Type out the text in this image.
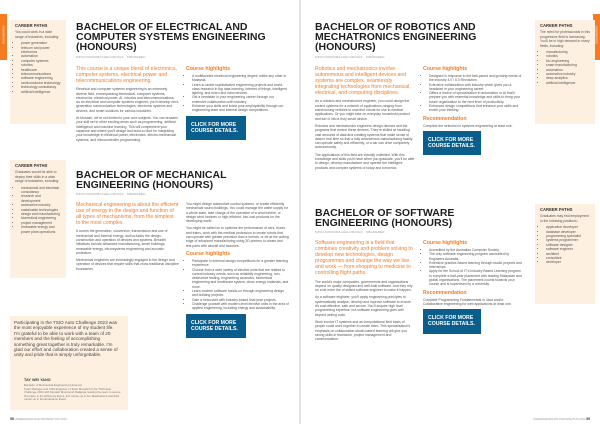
ENGINEERING CAREER PATHS
You could work in a wide range of industries, including:
• power generation
• telecom and power electronics
• automation
• computer systems
• robotics
• healthcare
• telecommunications
• software engineering
• semiconductor technology
• technology consultancy
• artificial intelligence
BACHELOR OF ELECTRICAL AND COMPUTER SYSTEMS ENGINEERING (HONOURS)
MPU/UNSW3/BACHELOR/2022 · MBANERED

This course is a unique blend of electronics, computer systems, electrical power and telecommunications engineering.

Electrical and computer systems engineering is an extremely diverse field, encompassing biomedical, computer systems, electronics, electrical power, AI, robotics and telecommunications. As an electrical and computer systems engineer, you'll develop next-generation communication technologies, electronic systems and devices, and smart solutions for various industries.

At Monash, we're not limited to your core subjects. You can broaden your skill set in other exciting areas such as programming, artificial intelligence and machine learning. This will complement your capstone and where you'll design and build a robot for integrating your knowledge in electrical power, electronics, electro-mechanical systems, and microcontroller programming.

Course highlights
• A multifaceted electrical engineering degree unlike any other in Malaysia.
• Learn to tackle sophisticated engineering projects and world-class research in big data learning, Internet of things, intelligent lighting, and micro and nano devices.
• Get a headstart in your engineering career through our extensive collaboration with industry.
• Enhance your skills and boost your employability through our engineering team and internal design competitions.
CLICK FOR MORE COURSE DETAILS.
CAREER PATHS
Graduates would be able to deploy their skills in a wide range of industries, including:
• mechanical and electrical consultancy
• research and development
• automotive industry
• sustainable technologies
• design and manufacturing
• biomedical engineering
• project management
• renewable energy and power plant operations
BACHELOR OF MECHANICAL ENGINEERING (HONOURS)
MPU/UNSW3/BACHELOR/2022 · MBANERED

Mechanical engineering is about the efficient use of energy in the design and function of all types of mechanisms, from the simplest to the most complex.

It covers the generation, conversion, transmission and use of mechanical and thermal energy, and includes the design, construction and operation of devices and systems. Breadth initiatives include advanced manufacturing, smart buildings, renewable energy, microsystems engineering and acoustic protection.

Mechanical engineers are increasingly engaged in the design and operation of devices that require skills that cross traditional discipline boundaries.

You might design automotive control systems, or create efficiently mechanical sound buildings. You could manage the water supply for a whole state, take charge of the operation of a wind turbine, or design wind turbines or high-efficient, low-cost products for the developing world.

You might be called on to optimise the performance of cars, buses and trains, work with the medical profession to create robots that can operate with greater precision than a human, or be at the cutting edge of advanced manufacturing using 3D printers to create and test parts with aircraft and factories.

Course highlights
• Participate in external design competitions for a greater learning experience.
• Choose from a wide variety of elective units that are related to current industry needs, such as reliability engineering, non-destructive testing, engineering acoustics, biomedical engineering and healthcare system, clean energy materials, and more.
• Learn modern software hands-on through engineering design and building projects.
• Gain a head start with industry-based final year projects.
• Challenge yourself with modern-level elective units in the area of applied engineering, including energy and sustainability.
CLICK FOR MORE COURSE DETAILS.
Participating in the TSIO Auto Challenge 2023 was the most enjoyable experience of my student life. I'm grateful to be able to work with a team of 20 members and the feeling of accomplishing something great together is truly remarkable. I'm glad our effort and collaboration created a sense of unity and pride that is simply unforgettable.
TAY WEI YANG
Bachelor of Mechanical Engineering (Honours)
Team Manager and Chief Engineer of Team Monash for the TSIO Auto Challenge 2023 with Monash Motorsport Malaysia, leading the team to secure first place in the Efficiency Event, first runner-up in the Skada Event and third runner-up in the Endurance Event.
58 UNDERGRADUATE PROSPECTUS 2024
ENGINEERING
BACHELOR OF ROBOTICS AND MECHATRONICS ENGINEERING (HONOURS)
MPU/UNSW3/BACHELOR/2022 · MBANERED

Robotics and mechatronics involve autonomous and intelligent devices and systems are complex, seamlessly integrating technologies from mechanical, electrical, and computing disciplines.

As a robotics and mechatronics engineer, you could design the control systems for a network of applications ranging from warehousing vehicles to microbot robots for use in medical applications. Or you might take on everyday household product and turn it into a truly smart device.

Robotics and mechatronics engineers design devices and the programs that control these devices. They're skilled at handling vast amounts of data and creating systems that make sense of data in real time so that a fully autonomous manufacturing facility can operate safely and efficiently, or a car can drive completely autonomously.

The applications of this field are virtually unlimited. With this knowledge and skills you'll have when you graduate, you'll be able to design, develop manufacture and operate the intelligent products and complex systems of today and tomorrow.

Course highlights
• Designed in response to the fast-paced and growing needs of the industry 4.0 / 5.0 Revolution.
• Extensive collaboration with industry which gives you a headstart in your engineering career.
• Offers a choice of specialisation in automation or AI that'll prepare you with essential knowledge and skills to bring your future organisation to the next level of productivity.
• Enhanced design competitions that enhance your skills and enrich your thinking.
Recommendation

Complete the selection in systems engineering at least one.

CLICK FOR MORE COURSE DETAILS.
CAREER PATHS
The need for professionals in this progressive field is increasing. You'll be in high demand in many fields, including:
• manufacturing
• robotics
• bio engineering
• smart manufacturing
• automation
• automotive industry
• deep analytics
• artificial intelligence
BACHELOR OF SOFTWARE ENGINEERING (HONOURS)
MPU/UNSW3/BACHELOR/2022 · MBANERED

Software engineering is a field that combines creativity and problem solving to develop new technologies, design programmes and change the way we live and work — from shopping to medicine to controlling flight paths.

The world's major companies, governments and organisations depend on quality designed and well-built software. And they rely on a far more the of skilled software engineer to make it happen.

As a software engineer, you'll apply engineering principles to systematically analyse, develop and improve software to ensure it's cost-effective, safe and secure. You'll acquire high level programming expertise, but software engineering goes well beyond writing code.

Work involve IT systems and as computational field basis of people could work together to create them. This specialisation's emphasis on collaboration studio-based learning will give you strong skills in teamwork, project management and communication.

Course highlights
• Accredited by the Australian Computer Society.
• The only software engineering program accredited by Engineers Australia.
• Extensive practice-based learning through studio projects and internships.
• Apply for the School of IT's Industry Based Learning program to complete a half-year placement with leading Malaysian and global organisations. The placement counts towards your course and is supervised by a university.
Recommendation

Complete Programming Fundamentals in Java and/or Collaborative engineering for web applications at least one.

CLICK FOR MORE COURSE DETAILS.
CAREER PATHS
Graduates may find employment in the following positions:
• application developer
• database developer
• programming specialist
• systems programmer
• software designer
• software engineer
• architect
• consultant
• developer
UNDERGRADUATE PROSPECTUS 2024 59
